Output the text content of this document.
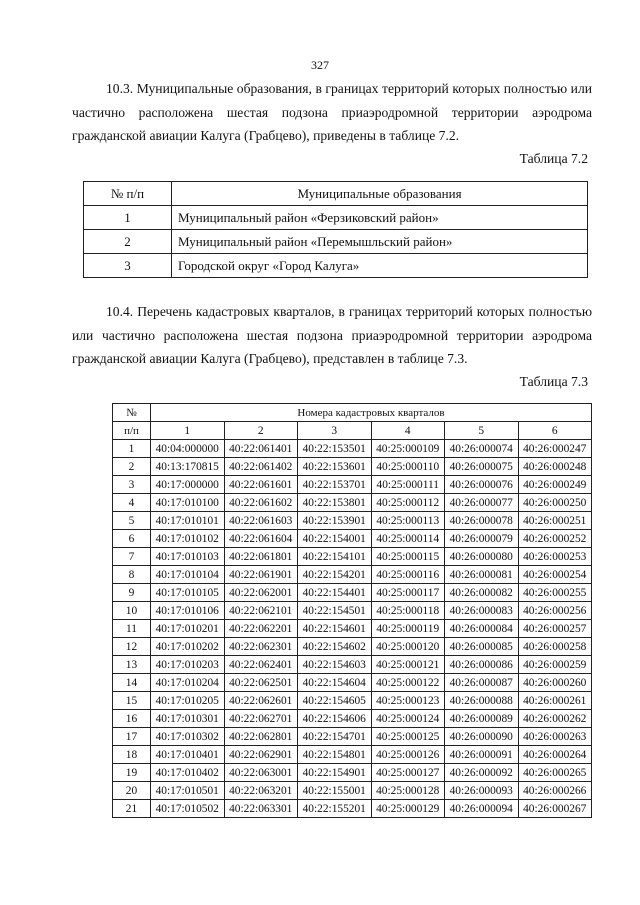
327
10.3. Муниципальные образования, в границах территорий которых полностью или частично расположена шестая подзона приаэродромной территории аэродрома гражданской авиации Калуга (Грабцево), приведены в таблице 7.2.
Таблица 7.2
№ п/п	Муниципальные образования
1	Муниципальный район «Ферзиковский район»
2	Муниципальный район «Перемышльский район»
3	Городской округ «Город Калуга»
10.4. Перечень кадастровых кварталов, в границах территорий которых полностью или частично расположена шестая подзона приаэродромной территории аэродрома гражданской авиации Калуга (Грабцево), представлен в таблице 7.3.
Таблица 7.3
№	Номера кадастровых кварталов					
п/п	1	2	3	4	5	6
1	40:04:000000	40:22:061401	40:22:153501	40:25:000109	40:26:000074	40:26:000247
2	40:13:170815	40:22:061402	40:22:153601	40:25:000110	40:26:000075	40:26:000248
3	40:17:000000	40:22:061601	40:22:153701	40:25:000111	40:26:000076	40:26:000249
4	40:17:010100	40:22:061602	40:22:153801	40:25:000112	40:26:000077	40:26:000250
5	40:17:010101	40:22:061603	40:22:153901	40:25:000113	40:26:000078	40:26:000251
6	40:17:010102	40:22:061604	40:22:154001	40:25:000114	40:26:000079	40:26:000252
7	40:17:010103	40:22:061801	40:22:154101	40:25:000115	40:26:000080	40:26:000253
8	40:17:010104	40:22:061901	40:22:154201	40:25:000116	40:26:000081	40:26:000254
9	40:17:010105	40:22:062001	40:22:154401	40:25:000117	40:26:000082	40:26:000255
10	40:17:010106	40:22:062101	40:22:154501	40:25:000118	40:26:000083	40:26:000256
11	40:17:010201	40:22:062201	40:22:154601	40:25:000119	40:26:000084	40:26:000257
12	40:17:010202	40:22:062301	40:22:154602	40:25:000120	40:26:000085	40:26:000258
13	40:17:010203	40:22:062401	40:22:154603	40:25:000121	40:26:000086	40:26:000259
14	40:17:010204	40:22:062501	40:22:154604	40:25:000122	40:26:000087	40:26:000260
15	40:17:010205	40:22:062601	40:22:154605	40:25:000123	40:26:000088	40:26:000261
16	40:17:010301	40:22:062701	40:22:154606	40:25:000124	40:26:000089	40:26:000262
17	40:17:010302	40:22:062801	40:22:154701	40:25:000125	40:26:000090	40:26:000263
18	40:17:010401	40:22:062901	40:22:154801	40:25:000126	40:26:000091	40:26:000264
19	40:17:010402	40:22:063001	40:22:154901	40:25:000127	40:26:000092	40:26:000265
20	40:17:010501	40:22:063201	40:22:155001	40:25:000128	40:26:000093	40:26:000266
21	40:17:010502	40:22:063301	40:22:155201	40:25:000129	40:26:000094	40:26:000267
